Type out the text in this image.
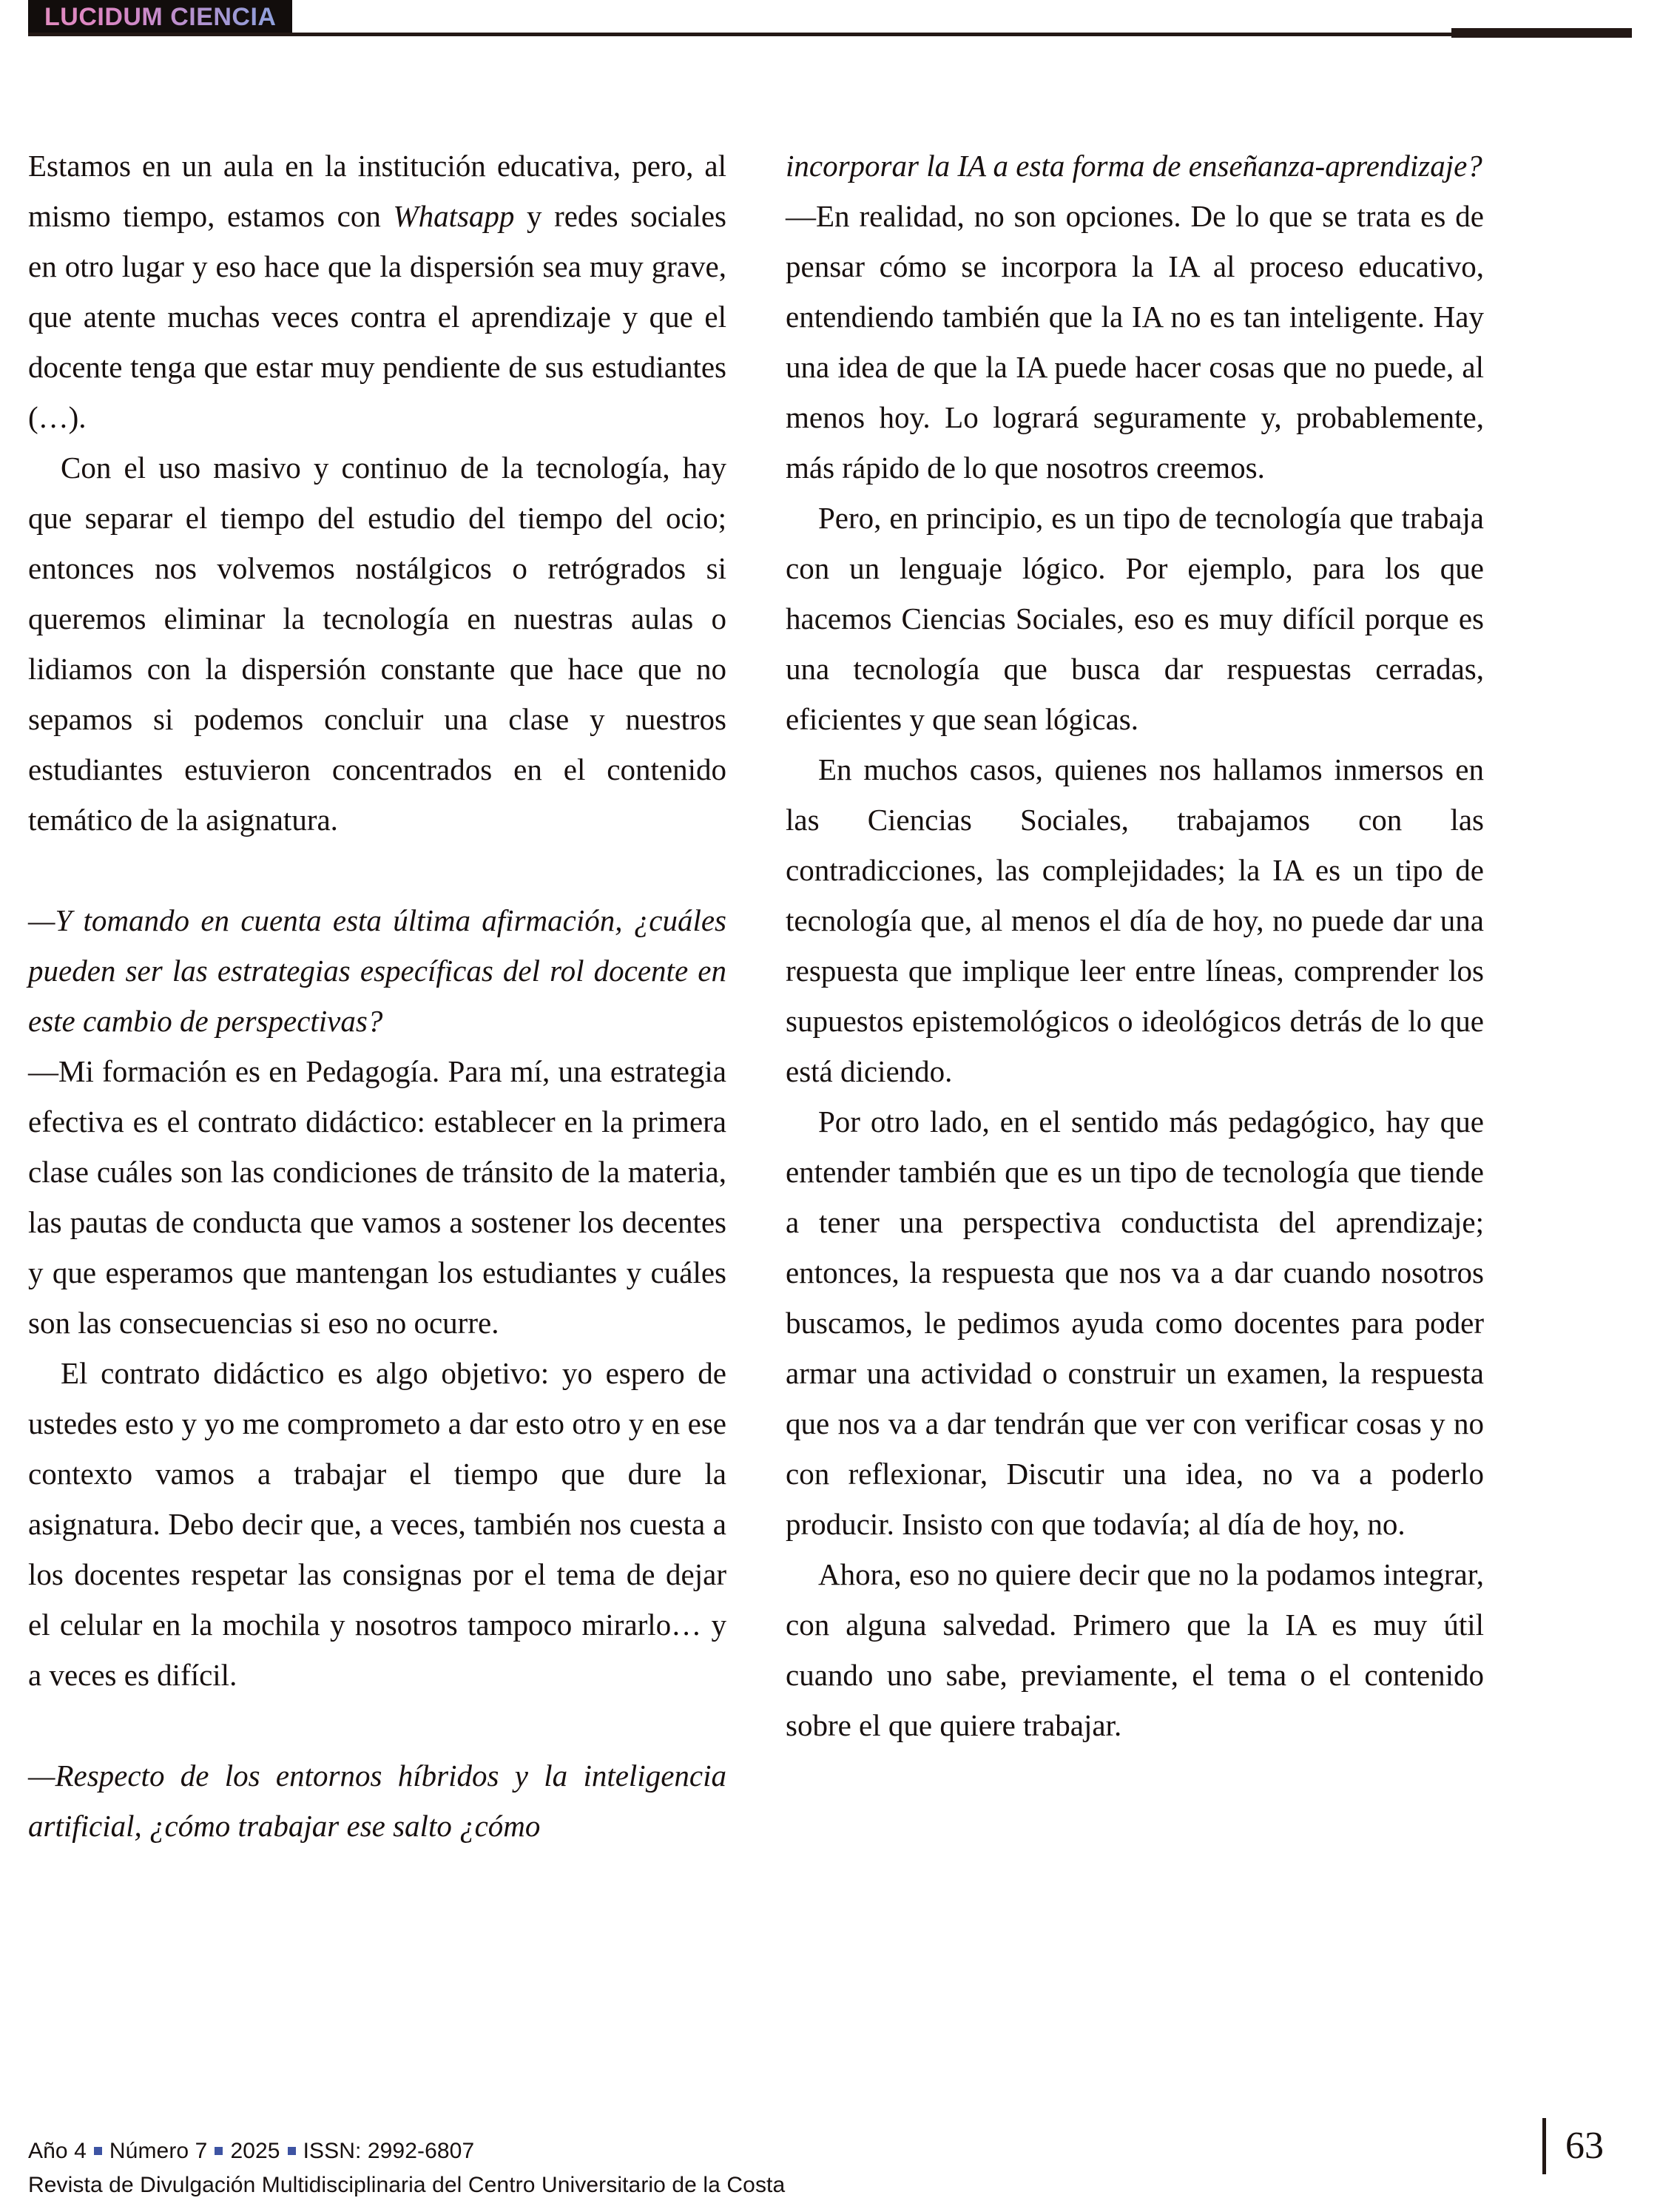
LUCIDUM CIENCIA

Estamos en un aula en la institución educativa, pero, al mismo tiempo, estamos con Whatsapp y redes sociales en otro lugar y eso hace que la dispersión sea muy grave, que atente muchas veces contra el aprendizaje y que el docente tenga que estar muy pendiente de sus estudiantes (…).

Con el uso masivo y continuo de la tecnología, hay que separar el tiempo del estudio del tiempo del ocio; entonces nos volvemos nostálgicos o retrógrados si queremos eliminar la tecnología en nuestras aulas o lidiamos con la dispersión constante que hace que no sepamos si podemos concluir una clase y nuestros estudiantes estuvieron concentrados en el contenido temático de la asignatura.

—Y tomando en cuenta esta última afirmación, ¿cuáles pueden ser las estrategias específicas del rol docente en este cambio de perspectivas?

—Mi formación es en Pedagogía. Para mí, una estrategia efectiva es el contrato didáctico: establecer en la primera clase cuáles son las condiciones de tránsito de la materia, las pautas de conducta que vamos a sostener los decentes y que esperamos que mantengan los estudiantes y cuáles son las consecuencias si eso no ocurre.

El contrato didáctico es algo objetivo: yo espero de ustedes esto y yo me comprometo a dar esto otro y en ese contexto vamos a trabajar el tiempo que dure la asignatura. Debo decir que, a veces, también nos cuesta a los docentes respetar las consignas por el tema de dejar el celular en la mochila y nosotros tampoco mirarlo… y a veces es difícil.

—Respecto de los entornos híbridos y la inteligencia artificial, ¿cómo trabajar ese salto ¿cómo

incorporar la IA a esta forma de enseñanza-aprendizaje?

—En realidad, no son opciones. De lo que se trata es de pensar cómo se incorpora la IA al proceso educativo, entendiendo también que la IA no es tan inteligente. Hay una idea de que la IA puede hacer cosas que no puede, al menos hoy. Lo logrará seguramente y, probablemente, más rápido de lo que nosotros creemos.

Pero, en principio, es un tipo de tecnología que trabaja con un lenguaje lógico. Por ejemplo, para los que hacemos Ciencias Sociales, eso es muy difícil porque es una tecnología que busca dar respuestas cerradas, eficientes y que sean lógicas.

En muchos casos, quienes nos hallamos inmersos en las Ciencias Sociales, trabajamos con las contradicciones, las complejidades; la IA es un tipo de tecnología que, al menos el día de hoy, no puede dar una respuesta que implique leer entre líneas, comprender los supuestos epistemológicos o ideológicos detrás de lo que está diciendo.

Por otro lado, en el sentido más pedagógico, hay que entender también que es un tipo de tecnología que tiende a tener una perspectiva conductista del aprendizaje; entonces, la respuesta que nos va a dar cuando nosotros buscamos, le pedimos ayuda como docentes para poder armar una actividad o construir un examen, la respuesta que nos va a dar tendrán que ver con verificar cosas y no con reflexionar, Discutir una idea, no va a poderlo producir. Insisto con que todavía; al día de hoy, no.

Ahora, eso no quiere decir que no la podamos integrar, con alguna salvedad. Primero que la IA es muy útil cuando uno sabe, previamente, el tema o el contenido sobre el que quiere trabajar.

Año 4 Número 7 2025 ISSN: 2992-6807
Revista de Divulgación Multidisciplinaria del Centro Universitario de la Costa
63
